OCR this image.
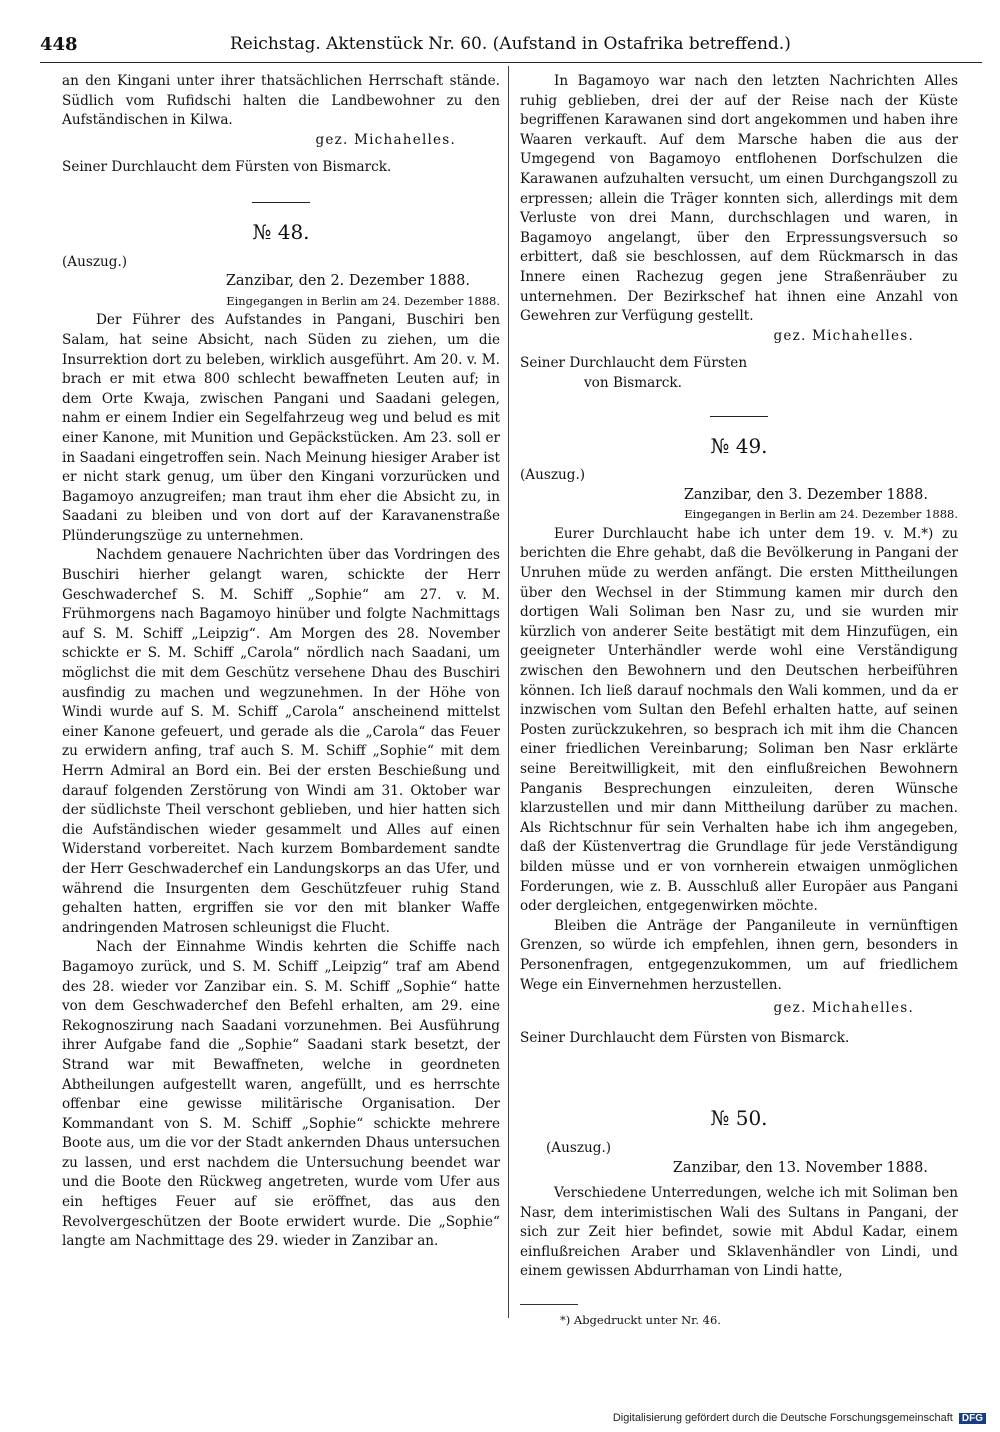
448	Reichstag. Aktenstück Nr. 60. (Aufstand in Ostafrika betreffend.)

an den Kingani unter ihrer thatsächlichen Herrschaft stände. Südlich vom Rufidschi halten die Landbewohner zu den Aufständischen in Kilwa.

gez. Michahelles.

Seiner Durchlaucht dem Fürsten von Bismarck.

№ 48.

(Auszug.)

Zanzibar, den 2. Dezember 1888.

Eingegangen in Berlin am 24. Dezember 1888.

Der Führer des Aufstandes in Pangani, Buschiri ben Salam, hat seine Absicht, nach Süden zu ziehen, um die Insurrektion dort zu beleben, wirklich ausgeführt. Am 20. v. M. brach er mit etwa 800 schlecht bewaffneten Leuten auf; in dem Orte Kwaja, zwischen Pangani und Saadani gelegen, nahm er einem Indier ein Segelfahrzeug weg und belud es mit einer Kanone, mit Munition und Gepäckstücken. Am 23. soll er in Saadani eingetroffen sein. Nach Meinung hiesiger Araber ist er nicht stark genug, um über den Kingani vorzurücken und Bagamoyo anzugreifen; man traut ihm eher die Absicht zu, in Saadani zu bleiben und von dort auf der Karavanenstraße Plünderungszüge zu unternehmen.

Nachdem genauere Nachrichten über das Vordringen des Buschiri hierher gelangt waren, schickte der Herr Geschwaderchef S. M. Schiff „Sophie“ am 27. v. M. Frühmorgens nach Bagamoyo hinüber und folgte Nachmittags auf S. M. Schiff „Leipzig“. Am Morgen des 28. November schickte er S. M. Schiff „Carola“ nördlich nach Saadani, um möglichst die mit dem Geschütz versehene Dhau des Buschiri ausfindig zu machen und wegzunehmen. In der Höhe von Windi wurde auf S. M. Schiff „Carola“ anscheinend mittelst einer Kanone gefeuert, und gerade als die „Carola“ das Feuer zu erwidern anfing, traf auch S. M. Schiff „Sophie“ mit dem Herrn Admiral an Bord ein. Bei der ersten Beschießung und darauf folgenden Zerstörung von Windi am 31. Oktober war der südlichste Theil verschont geblieben, und hier hatten sich die Aufständischen wieder gesammelt und Alles auf einen Widerstand vorbereitet. Nach kurzem Bombardement sandte der Herr Geschwaderchef ein Landungskorps an das Ufer, und während die Insurgenten dem Geschützfeuer ruhig Stand gehalten hatten, ergriffen sie vor den mit blanker Waffe andringenden Matrosen schleunigst die Flucht.

Nach der Einnahme Windis kehrten die Schiffe nach Bagamoyo zurück, und S. M. Schiff „Leipzig“ traf am Abend des 28. wieder vor Zanzibar ein. S. M. Schiff „Sophie“ hatte von dem Geschwaderchef den Befehl erhalten, am 29. eine Rekognoszirung nach Saadani vorzunehmen. Bei Ausführung ihrer Aufgabe fand die „Sophie“ Saadani stark besetzt, der Strand war mit Bewaffneten, welche in geordneten Abtheilungen aufgestellt waren, angefüllt, und es herrschte offenbar eine gewisse militärische Organisation. Der Kommandant von S. M. Schiff „Sophie“ schickte mehrere Boote aus, um die vor der Stadt ankernden Dhaus untersuchen zu lassen, und erst nachdem die Untersuchung beendet war und die Boote den Rückweg angetreten, wurde vom Ufer aus ein heftiges Feuer auf sie eröffnet, das aus den Revolvergeschützen der Boote erwidert wurde. Die „Sophie“ langte am Nachmittage des 29. wieder in Zanzibar an.

In Bagamoyo war nach den letzten Nachrichten Alles ruhig geblieben, drei der auf der Reise nach der Küste begriffenen Karawanen sind dort angekommen und haben ihre Waaren verkauft. Auf dem Marsche haben die aus der Umgegend von Bagamoyo entflohenen Dorfschulzen die Karawanen aufzuhalten versucht, um einen Durchgangszoll zu erpressen; allein die Träger konnten sich, allerdings mit dem Verluste von drei Mann, durchschlagen und waren, in Bagamoyo angelangt, über den Erpressungsversuch so erbittert, daß sie beschlossen, auf dem Rückmarsch in das Innere einen Rachezug gegen jene Straßenräuber zu unternehmen. Der Bezirkschef hat ihnen eine Anzahl von Gewehren zur Verfügung gestellt.

gez. Michahelles.

Seiner Durchlaucht dem Fürsten
von Bismarck.

№ 49.

(Auszug.)

Zanzibar, den 3. Dezember 1888.

Eingegangen in Berlin am 24. Dezember 1888.

Eurer Durchlaucht habe ich unter dem 19. v. M.*) zu berichten die Ehre gehabt, daß die Bevölkerung in Pangani der Unruhen müde zu werden anfängt. Die ersten Mittheilungen über den Wechsel in der Stimmung kamen mir durch den dortigen Wali Soliman ben Nasr zu, und sie wurden mir kürzlich von anderer Seite bestätigt mit dem Hinzufügen, ein geeigneter Unterhändler werde wohl eine Verständigung zwischen den Bewohnern und den Deutschen herbeiführen können. Ich ließ darauf nochmals den Wali kommen, und da er inzwischen vom Sultan den Befehl erhalten hatte, auf seinen Posten zurückzukehren, so besprach ich mit ihm die Chancen einer friedlichen Vereinbarung; Soliman ben Nasr erklärte seine Bereitwilligkeit, mit den einflußreichen Bewohnern Panganis Besprechungen einzuleiten, deren Wünsche klarzustellen und mir dann Mittheilung darüber zu machen. Als Richtschnur für sein Verhalten habe ich ihm angegeben, daß der Küstenvertrag die Grundlage für jede Verständigung bilden müsse und er von vornherein etwaigen unmöglichen Forderungen, wie z. B. Ausschluß aller Europäer aus Pangani oder dergleichen, entgegenwirken möchte.

Bleiben die Anträge der Panganileute in vernünftigen Grenzen, so würde ich empfehlen, ihnen gern, besonders in Personenfragen, entgegenzukommen, um auf friedlichem Wege ein Einvernehmen herzustellen.

gez. Michahelles.

Seiner Durchlaucht dem Fürsten von Bismarck.

№ 50.

(Auszug.)

Zanzibar, den 13. November 1888.

Verschiedene Unterredungen, welche ich mit Soliman ben Nasr, dem interimistischen Wali des Sultans in Pangani, der sich zur Zeit hier befindet, sowie mit Abdul Kadar, einem einflußreichen Araber und Sklavenhändler von Lindi, und einem gewissen Abdurrhaman von Lindi hatte,

*) Abgedruckt unter Nr. 46.

Digitalisierung gefördert durch die Deutsche Forschungsgemeinschaft DFG
